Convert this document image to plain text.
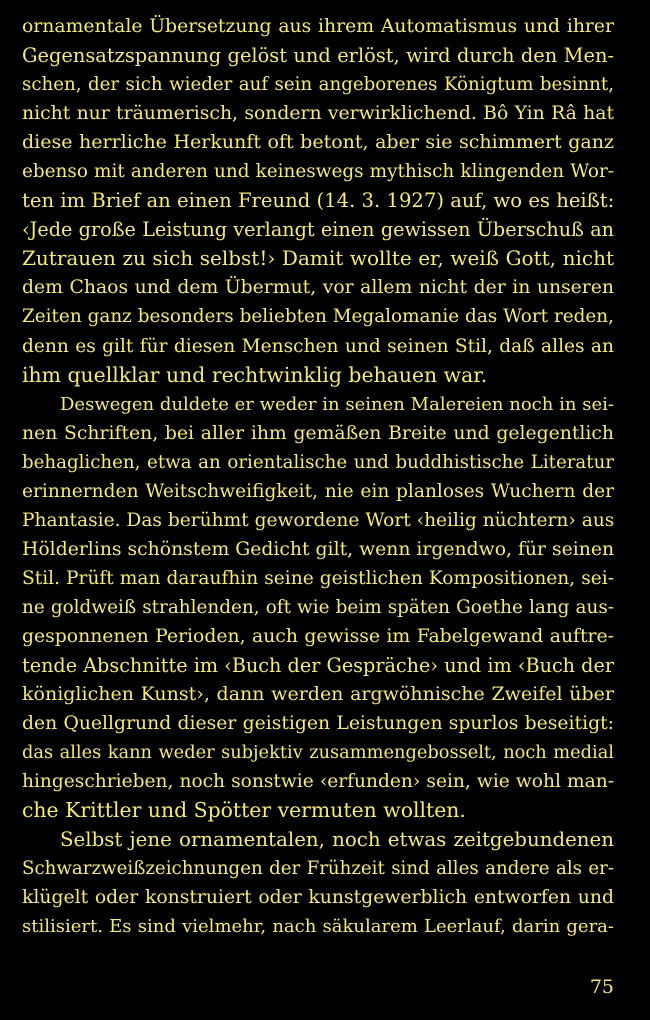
ornamentale Übersetzung aus ihrem Automatismus und ihrer
Gegensatzspannung gelöst und erlöst, wird durch den Men-
schen, der sich wieder auf sein angeborenes Königtum besinnt,
nicht nur träumerisch, sondern verwirklichend. Bô Yin Râ hat
diese herrliche Herkunft oft betont, aber sie schimmert ganz
ebenso mit anderen und keineswegs mythisch klingenden Wor-
ten im Brief an einen Freund (14. 3. 1927) auf, wo es heißt:
‹Jede große Leistung verlangt einen gewissen Überschuß an
Zutrauen zu sich selbst!› Damit wollte er, weiß Gott, nicht
dem Chaos und dem Übermut, vor allem nicht der in unseren
Zeiten ganz besonders beliebten Megalomanie das Wort reden,
denn es gilt für diesen Menschen und seinen Stil, daß alles an
ihm quellklar und rechtwinklig behauen war.
Deswegen duldete er weder in seinen Malereien noch in sei-
nen Schriften, bei aller ihm gemäßen Breite und gelegentlich
behaglichen, etwa an orientalische und buddhistische Literatur
erinnernden Weitschweifigkeit, nie ein planloses Wuchern der
Phantasie. Das berühmt gewordene Wort ‹heilig nüchtern› aus
Hölderlins schönstem Gedicht gilt, wenn irgendwo, für seinen
Stil. Prüft man daraufhin seine geistlichen Kompositionen, sei-
ne goldweiß strahlenden, oft wie beim späten Goethe lang aus-
gesponnenen Perioden, auch gewisse im Fabelgewand auftre-
tende Abschnitte im ‹Buch der Gespräche› und im ‹Buch der
königlichen Kunst›, dann werden argwöhnische Zweifel über
den Quellgrund dieser geistigen Leistungen spurlos beseitigt:
das alles kann weder subjektiv zusammengebosselt, noch medial
hingeschrieben, noch sonstwie ‹erfunden› sein, wie wohl man-
che Krittler und Spötter vermuten wollten.
Selbst jene ornamentalen, noch etwas zeitgebundenen
Schwarzweißzeichnungen der Frühzeit sind alles andere als er-
klügelt oder konstruiert oder kunstgewerblich entworfen und
stilisiert. Es sind vielmehr, nach säkularem Leerlauf, darin gera-
75
